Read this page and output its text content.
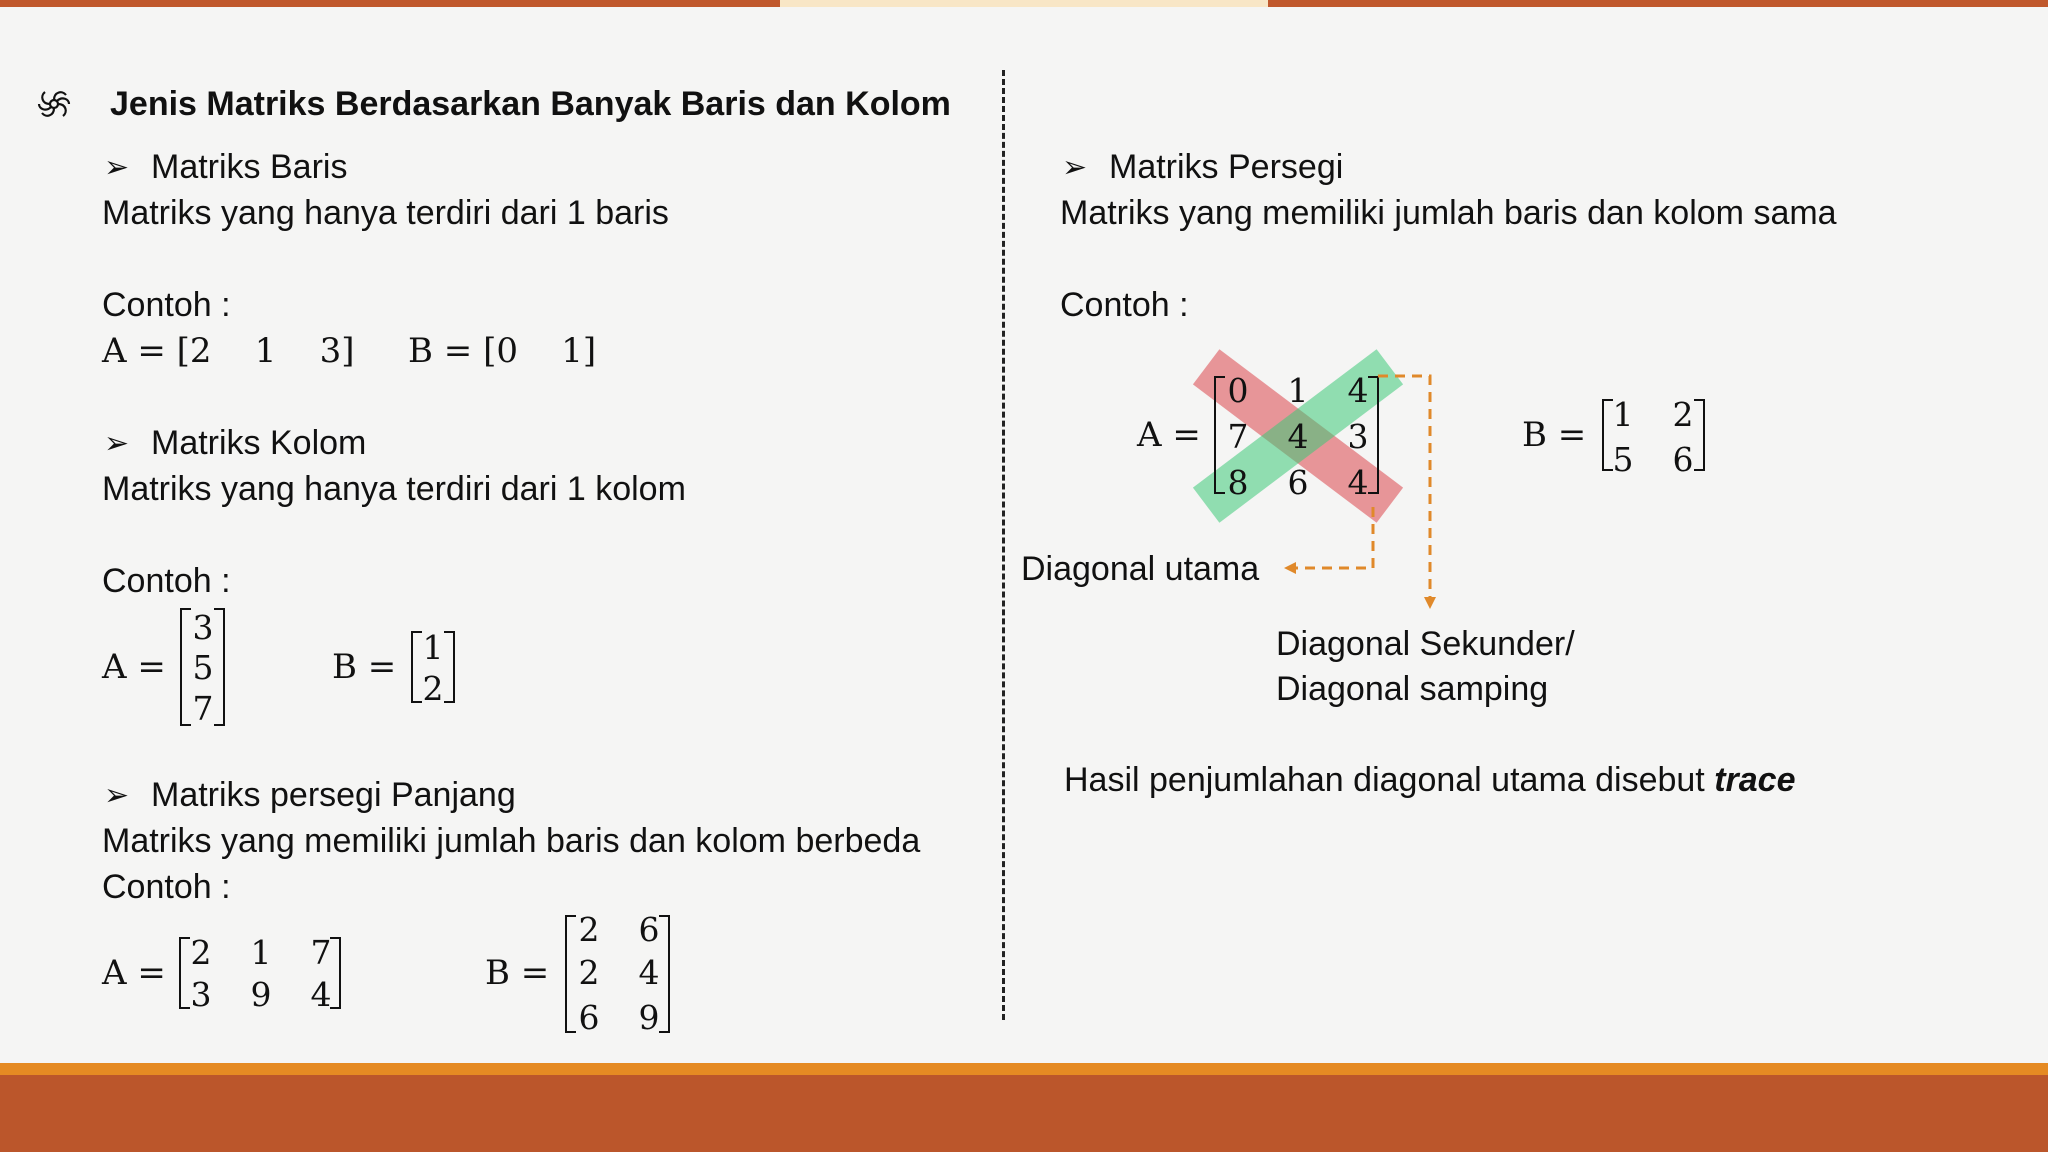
Jenis Matriks Berdasarkan Banyak Baris dan Kolom
➢ Matriks Baris
Matriks yang hanya terdiri dari 1 baris
Contoh :
A = [2    1    3] B = [0    1]
➢ Matriks Kolom
Matriks yang hanya terdiri dari 1 kolom
Contoh :
A =
3
5
7
B = 1
2
➢ Matriks persegi Panjang
Matriks yang memiliki jumlah baris dan kolom berbeda
Contoh :
A =
2 1 7
3 9 4
B =
2 6
2 4
6 9
➢ Matriks Persegi
Matriks yang memiliki jumlah baris dan kolom sama
Contoh :
A =
0 1 4
7 4 3
8 6 4
B =
1 2
5 6
Diagonal utama
Diagonal Sekunder/
Diagonal samping
Hasil penjumlahan diagonal utama disebut trace
